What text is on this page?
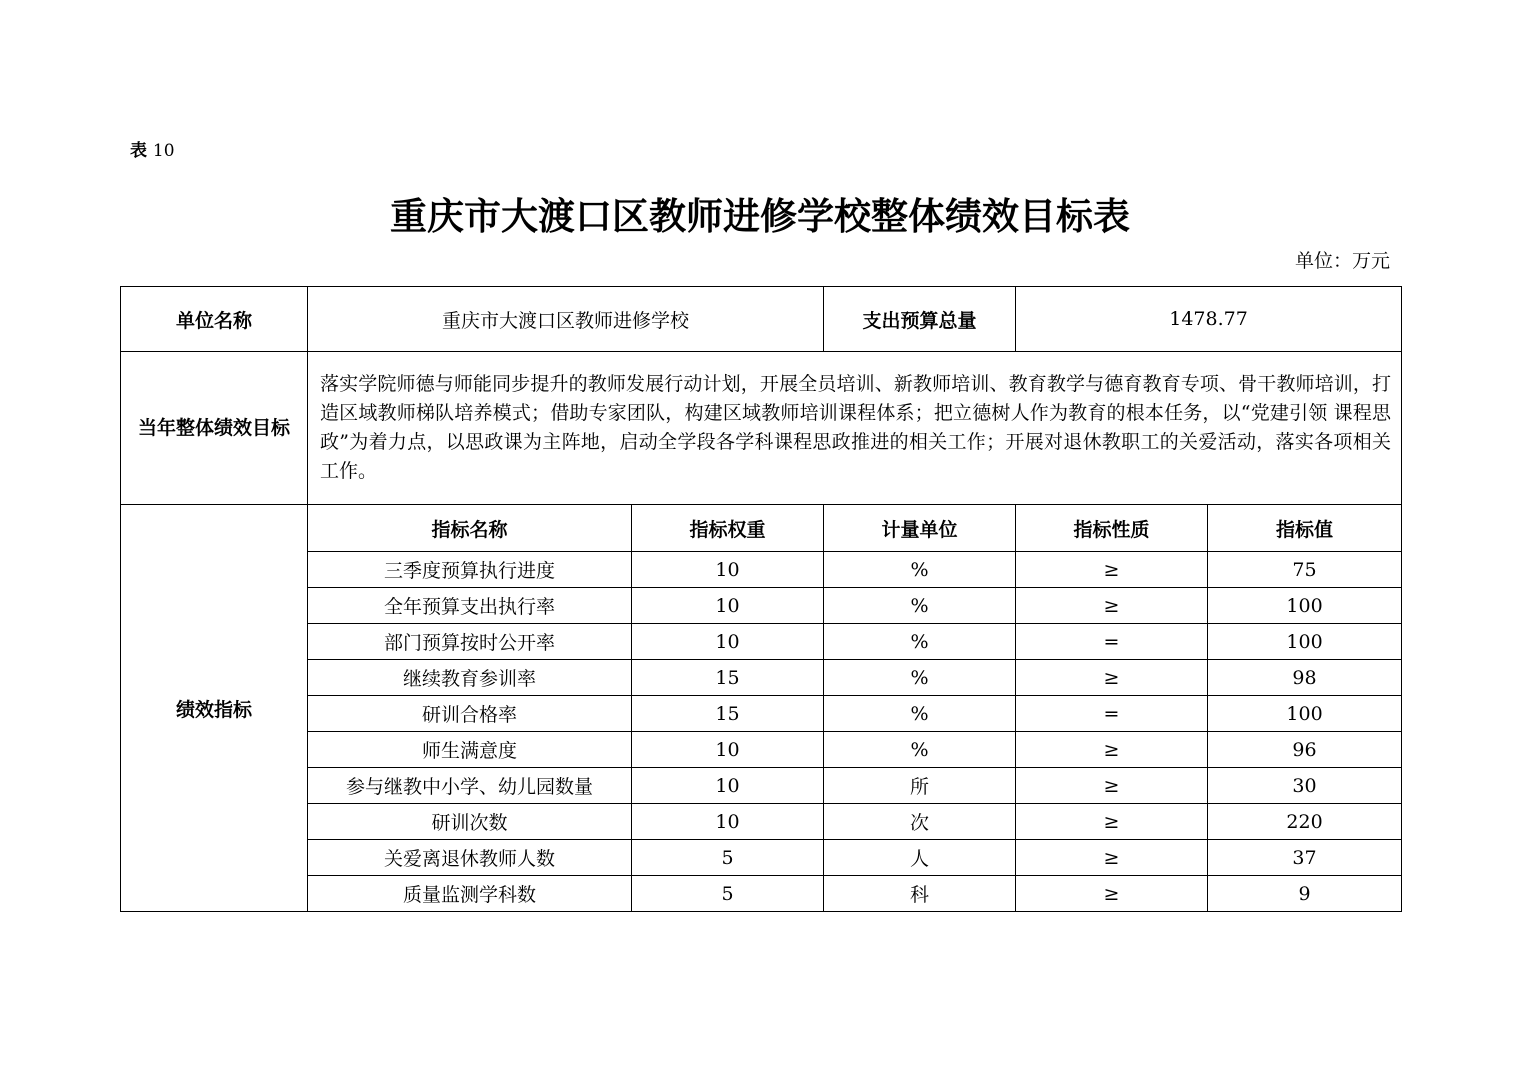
表 10
重庆市大渡口区教师进修学校整体绩效目标表
单位：万元
单位名称	重庆市大渡口区教师进修学校		支出预算总量	1478.77	
当年整体绩效目标	落实学院师德与师能同步提升的教师发展行动计划，开展全员培训、新教师培训、教育教学与德育教育专项、骨干教师培训，打造区域教师梯队培养模式；借助专家团队，构建区域教师培训课程体系；把立德树人作为教育的根本任务，以“党建引领 课程思政”为着力点，以思政课为主阵地，启动全学段各学科课程思政推进的相关工作；开展对退休教职工的关爱活动，落实各项相关工作。				
绩效指标	指标名称	指标权重	计量单位	指标性质	指标值
	三季度预算执行进度	10	%	≥	75
	全年预算支出执行率	10	%	≥	100
	部门预算按时公开率	10	%	=	100
	继续教育参训率	15	%	≥	98
	研训合格率	15	%	=	100
	师生满意度	10	%	≥	96
	参与继教中小学、幼儿园数量	10	所	≥	30
	研训次数	10	次	≥	220
	关爱离退休教师人数	5	人	≥	37
	质量监测学科数	5	科	≥	9
